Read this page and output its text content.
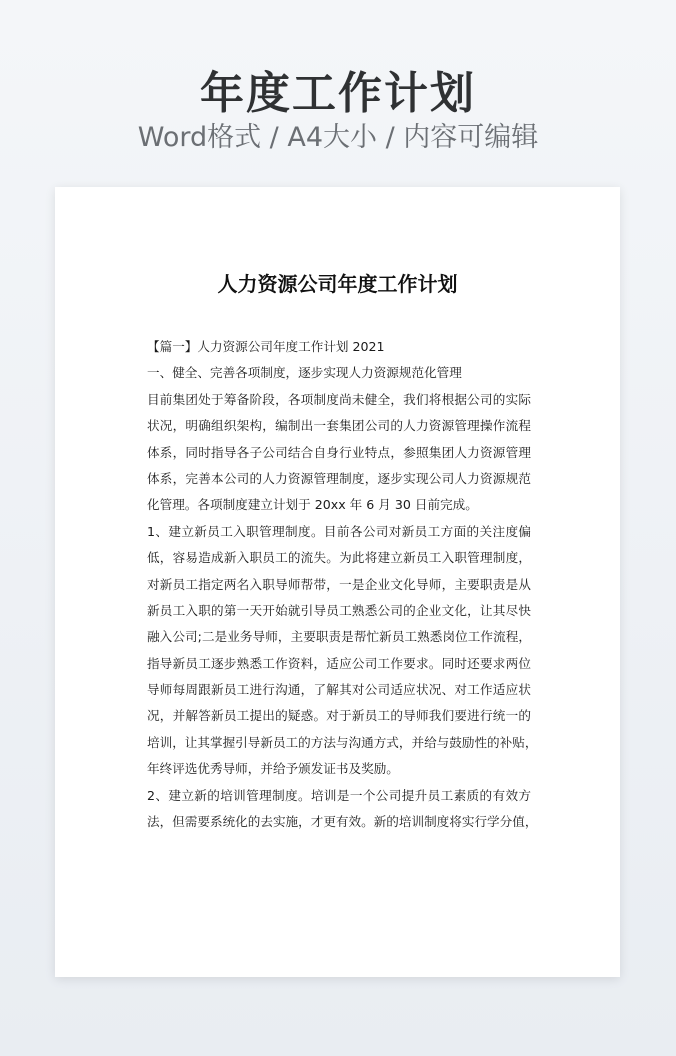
年度工作计划
Word格式 / A4大小 / 内容可编辑
人力资源公司年度工作计划
【篇一】人力资源公司年度工作计划 2021
一、健全、完善各项制度，逐步实现人力资源规范化管理
目前集团处于筹备阶段，各项制度尚未健全，我们将根据公司的实际
状况，明确组织架构，编制出一套集团公司的人力资源管理操作流程
体系，同时指导各子公司结合自身行业特点，参照集团人力资源管理
体系，完善本公司的人力资源管理制度，逐步实现公司人力资源规范
化管理。各项制度建立计划于 20xx 年 6 月 30 日前完成。
1、建立新员工入职管理制度。目前各公司对新员工方面的关注度偏
低，容易造成新入职员工的流失。为此将建立新员工入职管理制度，
对新员工指定两名入职导师帮带，一是企业文化导师，主要职责是从
新员工入职的第一天开始就引导员工熟悉公司的企业文化，让其尽快
融入公司;二是业务导师，主要职责是帮忙新员工熟悉岗位工作流程，
指导新员工逐步熟悉工作资料，适应公司工作要求。同时还要求两位
导师每周跟新员工进行沟通，了解其对公司适应状况、对工作适应状
况，并解答新员工提出的疑惑。对于新员工的导师我们要进行统一的
培训，让其掌握引导新员工的方法与沟通方式，并给与鼓励性的补贴，
年终评选优秀导师，并给予颁发证书及奖励。
2、建立新的培训管理制度。培训是一个公司提升员工素质的有效方
法，但需要系统化的去实施，才更有效。新的培训制度将实行学分值，
